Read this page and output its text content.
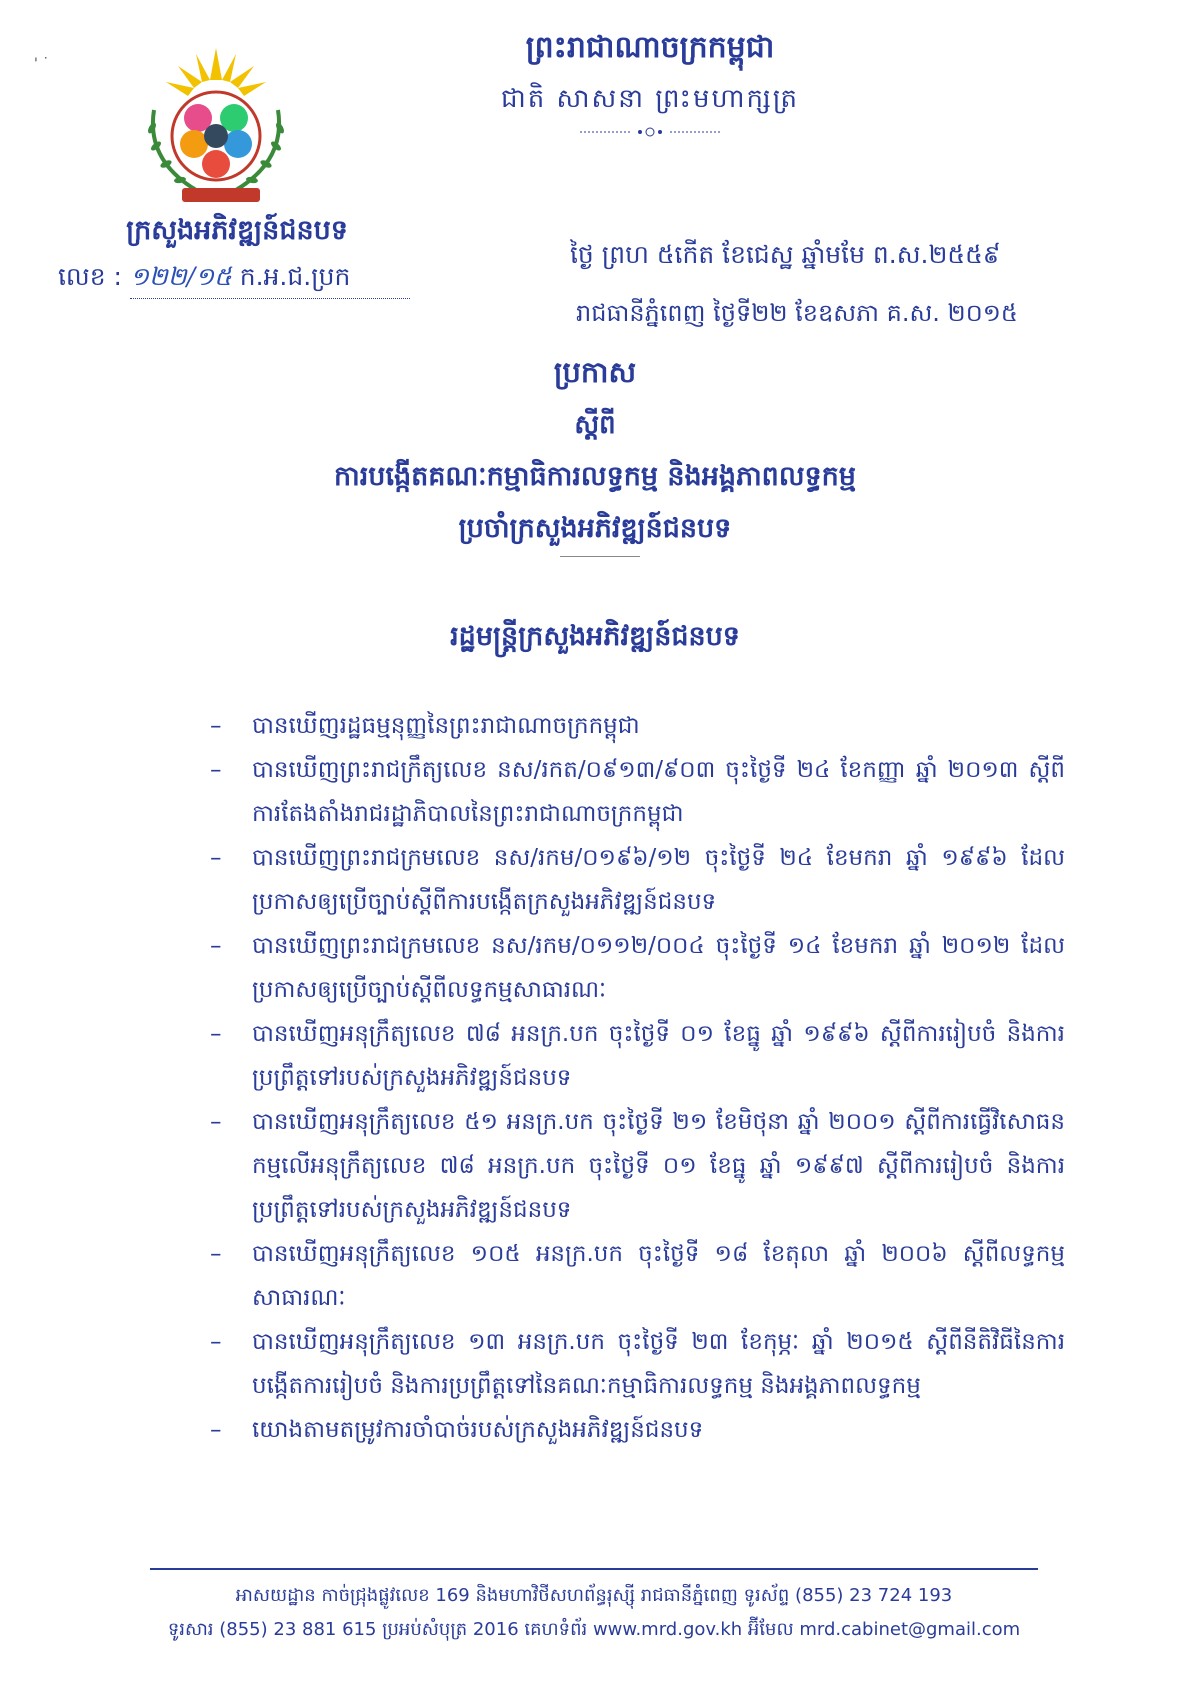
' ˙	ព្រះរាជាណាចក្រកម្ពុជា
ជាតិ សាសនា ព្រះមហាក្សត្រ
ក្រសួងអភិវឌ្ឍន៍ជនបទ
លេខ : ១២២/១៥ ក.អ.ជ.ប្រក
ថ្ងៃ ព្រហ ៥កើត ខែជេស្ឋ ឆ្នាំមមែ ព.ស.២៥៥៩
រាជធានីភ្នំពេញ ថ្ងៃទី២២ ខែឧសភា គ.ស. ២០១៥
ប្រកាស
ស្តីពី
ការបង្កើតគណៈកម្មាធិការលទ្ធកម្ម និងអង្គភាពលទ្ធកម្ម
ប្រចាំក្រសួងអភិវឌ្ឍន៍ជនបទ
រដ្ឋមន្ត្រីក្រសួងអភិវឌ្ឍន៍ជនបទ
– បានឃើញរដ្ឋធម្មនុញ្ញនៃព្រះរាជាណាចក្រកម្ពុជា
– បានឃើញព្រះរាជក្រឹត្យលេខ នស/រកត/០៩១៣/៩០៣ ចុះថ្ងៃទី ២៤ ខែកញ្ញា ឆ្នាំ ២០១៣ ស្តីពីការតែងតាំងរាជរដ្ឋាភិបាលនៃព្រះរាជាណាចក្រកម្ពុជា
– បានឃើញព្រះរាជក្រមលេខ នស/រកម/០១៩៦/១២ ចុះថ្ងៃទី ២៤ ខែមករា ឆ្នាំ ១៩៩៦ ដែលប្រកាសឲ្យប្រើច្បាប់ស្តីពីការបង្កើតក្រសួងអភិវឌ្ឍន៍ជនបទ
– បានឃើញព្រះរាជក្រមលេខ នស/រកម/០១១២/០០៤ ចុះថ្ងៃទី ១៤ ខែមករា ឆ្នាំ ២០១២ ដែលប្រកាសឲ្យប្រើច្បាប់ស្តីពីលទ្ធកម្មសាធារណៈ
– បានឃើញអនុក្រឹត្យលេខ ៧៨ អនក្រ.បក ចុះថ្ងៃទី ០១ ខែធ្នូ ឆ្នាំ ១៩៩៦ ស្តីពីការរៀបចំ និងការប្រព្រឹត្តទៅរបស់ក្រសួងអភិវឌ្ឍន៍ជនបទ
– បានឃើញអនុក្រឹត្យលេខ ៥១ អនក្រ.បក ចុះថ្ងៃទី ២១ ខែមិថុនា ឆ្នាំ ២០០១ ស្តីពីការធ្វើវិសោធនកម្មលើអនុក្រឹត្យលេខ ៧៨ អនក្រ.បក ចុះថ្ងៃទី ០១ ខែធ្នូ ឆ្នាំ ១៩៩៧ ស្តីពីការរៀបចំ និងការប្រព្រឹត្តទៅរបស់ក្រសួងអភិវឌ្ឍន៍ជនបទ
– បានឃើញអនុក្រឹត្យលេខ ១០៥ អនក្រ.បក ចុះថ្ងៃទី ១៨ ខែតុលា ឆ្នាំ ២០០៦ ស្តីពីលទ្ធកម្មសាធារណៈ
– បានឃើញអនុក្រឹត្យលេខ ១៣ អនក្រ.បក ចុះថ្ងៃទី ២៣ ខែកុម្ភៈ ឆ្នាំ ២០១៥ ស្តីពីនីតិវិធីនៃការបង្កើតការរៀបចំ និងការប្រព្រឹត្តទៅនៃគណៈកម្មាធិការលទ្ធកម្ម និងអង្គភាពលទ្ធកម្ម
– យោងតាមតម្រូវការចាំបាច់របស់ក្រសួងអភិវឌ្ឍន៍ជនបទ
អាសយដ្ឋាន កាច់ជ្រុងផ្លូវលេខ 169 និងមហាវិថីសហព័ន្ធរុស្ស៊ី រាជធានីភ្នំពេញ ទូរស័ព្ទ (855) 23 724 193
ទូរសារ (855) 23 881 615 ប្រអប់សំបុត្រ 2016 គេហទំព័រ www.mrd.gov.kh អ៊ីមែល mrd.cabinet@gmail.com
